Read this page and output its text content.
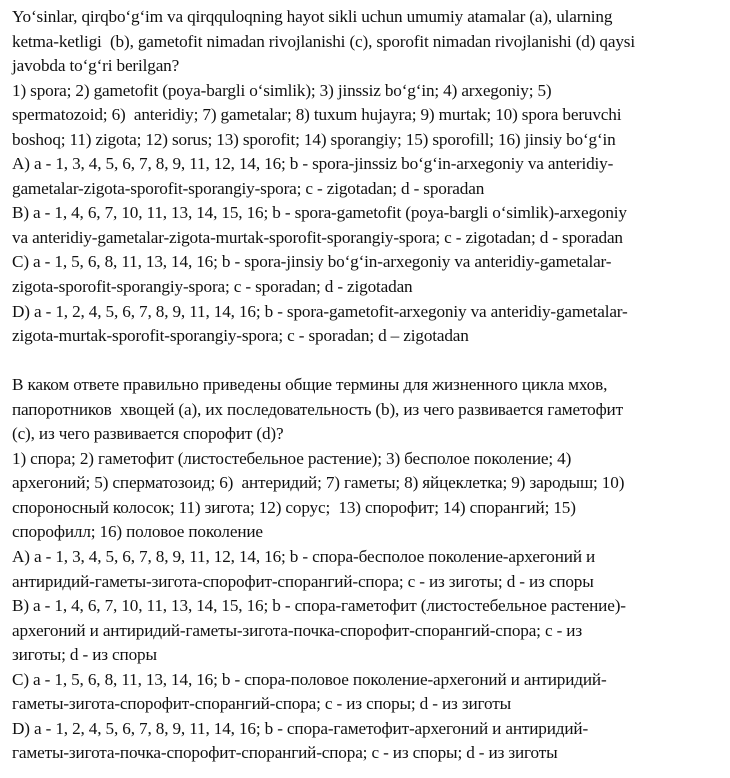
Yo‘sinlar, qirqbo‘g‘im va qirqquloqning hayot sikli uchun umumiy atamalar (a), ularning
ketma-ketligi  (b), gametofit nimadan rivojlanishi (c), sporofit nimadan rivojlanishi (d) qaysi
javobda to‘g‘ri berilgan?
1) spora; 2) gametofit (poya-bargli o‘simlik); 3) jinssiz bo‘g‘in; 4) arxegoniy; 5)
spermatozoid; 6)  anteridiy; 7) gametalar; 8) tuxum hujayra; 9) murtak; 10) spora beruvchi
boshoq; 11) zigota; 12) sorus; 13) sporofit; 14) sporangiy; 15) sporofill; 16) jinsiy bo‘g‘in
A) a - 1, 3, 4, 5, 6, 7, 8, 9, 11, 12, 14, 16; b - spora-jinssiz bo‘g‘in-arxegoniy va anteridiy-
gametalar-zigota-sporofit-sporangiy-spora; c - zigotadan; d - sporadan
B) a - 1, 4, 6, 7, 10, 11, 13, 14, 15, 16; b - spora-gametofit (poya-bargli o‘simlik)-arxegoniy
va anteridiy-gametalar-zigota-murtak-sporofit-sporangiy-spora; c - zigotadan; d - sporadan
C) a - 1, 5, 6, 8, 11, 13, 14, 16; b - spora-jinsiy bo‘g‘in-arxegoniy va anteridiy-gametalar-
zigota-sporofit-sporangiy-spora; c - sporadan; d - zigotadan
D) a - 1, 2, 4, 5, 6, 7, 8, 9, 11, 14, 16; b - spora-gametofit-arxegoniy va anteridiy-gametalar-
zigota-murtak-sporofit-sporangiy-spora; c - sporadan; d – zigotadan
В каком ответе правильно приведены общие термины для жизненного цикла мхов,
папоротников  хвощей (a), их последовательность (b), из чего развивается гаметофит
(c), из чего развивается спорофит (d)?
1) спора; 2) гаметофит (листостебельное растение); 3) бесполое поколение; 4)
архегоний; 5) сперматозоид; 6)  антеридий; 7) гаметы; 8) яйцеклетка; 9) зародыш; 10)
спороносный колосок; 11) зигота; 12) сорус;  13) спорофит; 14) спорангий; 15)
спорофилл; 16) половое поколение
A) a - 1, 3, 4, 5, 6, 7, 8, 9, 11, 12, 14, 16; b - спора-бесполое поколение-архегоний и
антиридий-гаметы-зигота-спорофит-спорангий-спора; c - из зиготы; d - из споры
B) a - 1, 4, 6, 7, 10, 11, 13, 14, 15, 16; b - спора-гаметофит (листостебельное растение)-
архегоний и антиридий-гаметы-зигота-почка-спорофит-спорангий-спора; c - из
зиготы; d - из споры
C) a - 1, 5, 6, 8, 11, 13, 14, 16; b - спора-половое поколение-архегоний и антиридий-
гаметы-зигота-спорофит-спорангий-спора; c - из споры; d - из зиготы
D) a - 1, 2, 4, 5, 6, 7, 8, 9, 11, 14, 16; b - спора-гаметофит-архегоний и антиридий-
гаметы-зигота-почка-спорофит-спорангий-спора; c - из споры; d - из зиготы
